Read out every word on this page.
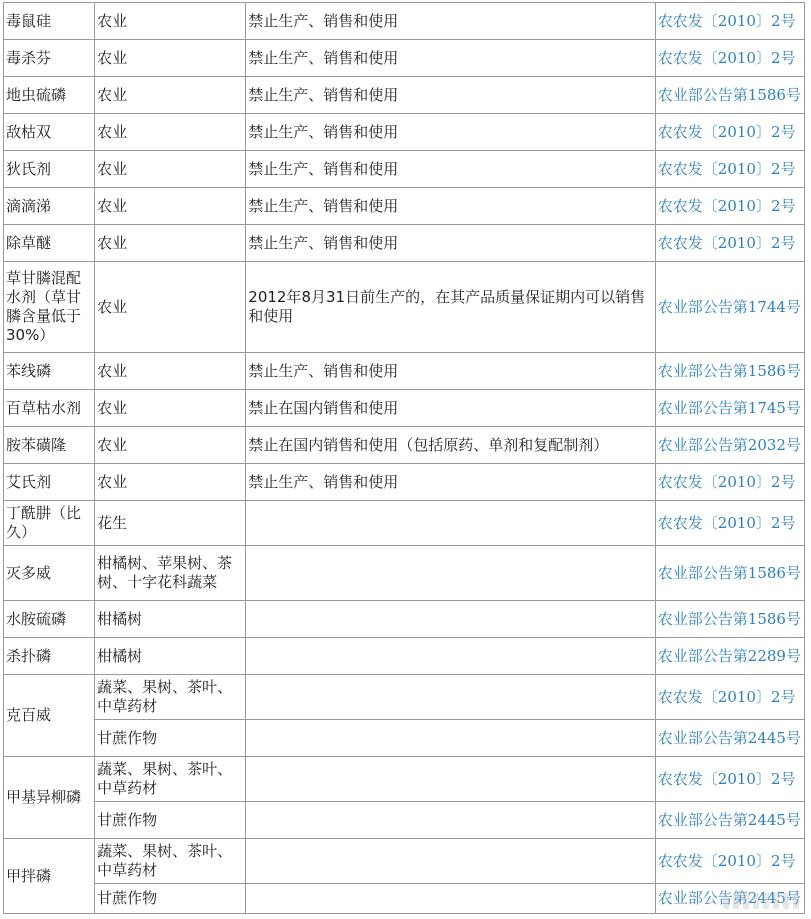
毒鼠硅	农业	禁止生产、销售和使用	农农发〔2010〕2号
毒杀芬	农业	禁止生产、销售和使用	农农发〔2010〕2号
地虫硫磷	农业	禁止生产、销售和使用	农业部公告第1586号
敌枯双	农业	禁止生产、销售和使用	农农发〔2010〕2号
狄氏剂	农业	禁止生产、销售和使用	农农发〔2010〕2号
滴滴涕	农业	禁止生产、销售和使用	农农发〔2010〕2号
除草醚	农业	禁止生产、销售和使用	农农发〔2010〕2号
草甘膦混配水剂（草甘膦含量低于30%）	农业	2012年8月31日前生产的，在其产品质量保证期内可以销售和使用	农业部公告第1744号
苯线磷	农业	禁止生产、销售和使用	农业部公告第1586号
百草枯水剂	农业	禁止在国内销售和使用	农业部公告第1745号
胺苯磺隆	农业	禁止在国内销售和使用（包括原药、单剂和复配制剂）	农业部公告第2032号
艾氏剂	农业	禁止生产、销售和使用	农农发〔2010〕2号
丁酰肼（比久）	花生		农农发〔2010〕2号
灭多威	柑橘树、苹果树、茶树、十字花科蔬菜		农业部公告第1586号
水胺硫磷	柑橘树		农业部公告第1586号
杀扑磷	柑橘树		农业部公告第2289号
克百威	蔬菜、果树、茶叶、中草药材		农农发〔2010〕2号
	甘蔗作物		农业部公告第2445号
甲基异柳磷	蔬菜、果树、茶叶、中草药材		农农发〔2010〕2号
	甘蔗作物		农业部公告第2445号
甲拌磷	蔬菜、果树、茶叶、中草药材		农农发〔2010〕2号
	甘蔗作物		农业部公告第2445号
